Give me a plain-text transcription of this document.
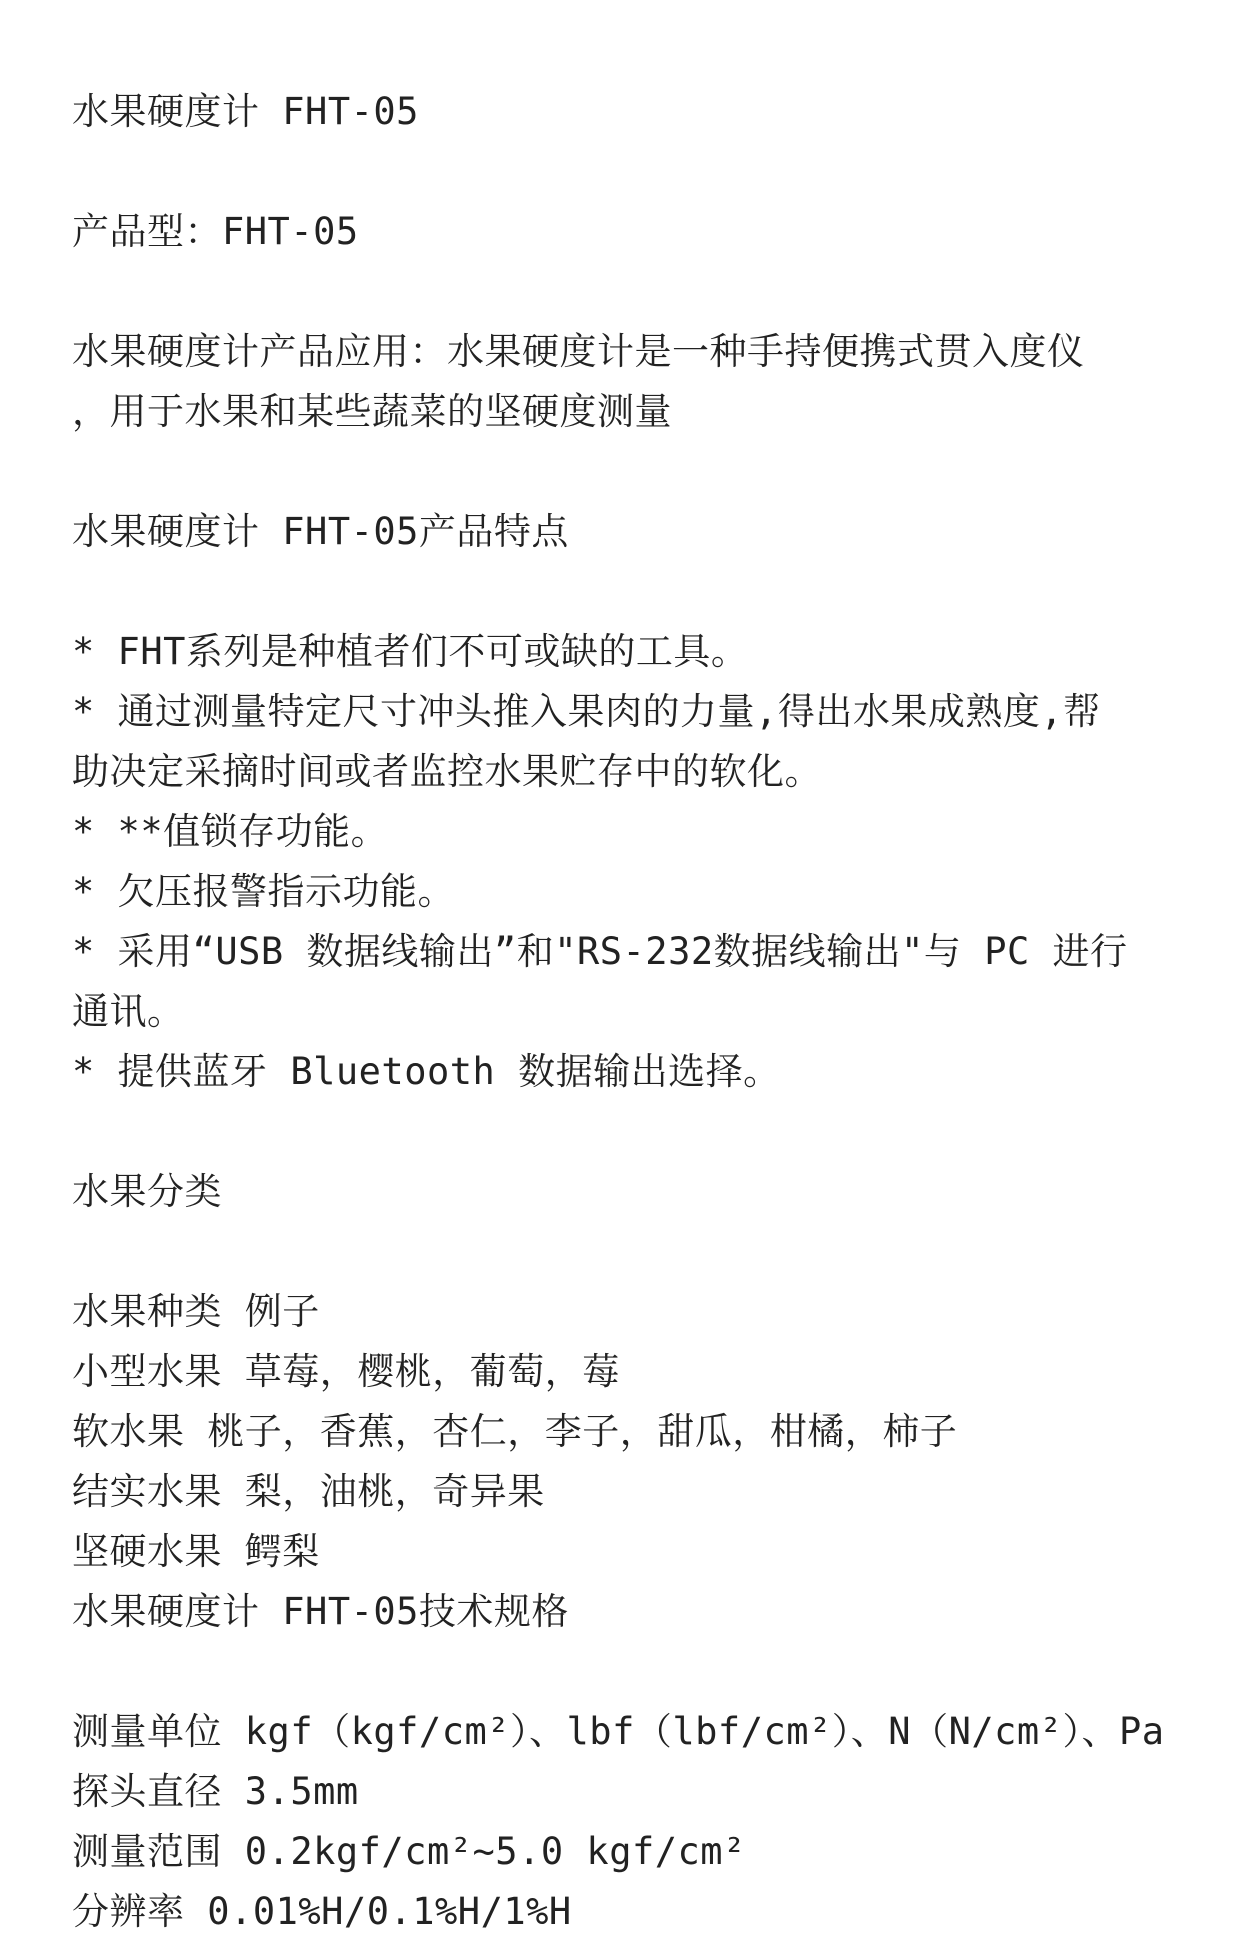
水果硬度计 FHT-05
产品型：FHT-05
水果硬度计产品应用：水果硬度计是一种手持便携式贯入度仪
，用于水果和某些蔬菜的坚硬度测量
水果硬度计 FHT-05产品特点
* FHT系列是种植者们不可或缺的工具。
* 通过测量特定尺寸冲头推入果肉的力量,得出水果成熟度,帮
助决定采摘时间或者监控水果贮存中的软化。
* **值锁存功能。
* 欠压报警指示功能。
* 采用“USB 数据线输出”和"RS-232数据线输出"与 PC 进行
通讯。
* 提供蓝牙 Bluetooth 数据输出选择。
水果分类
水果种类 例子
小型水果 草莓，樱桃，葡萄，莓
软水果 桃子，香蕉，杏仁，李子，甜瓜，柑橘，柿子
结实水果 梨，油桃，奇异果
坚硬水果 鳄梨
水果硬度计 FHT-05技术规格
测量单位 kgf（kgf/cm²）、lbf（lbf/cm²）、N（N/cm²）、Pa
探头直径 3.5mm
测量范围 0.2kgf/cm²~5.0 kgf/cm²
分辨率 0.01%H/0.1%H/1%H
